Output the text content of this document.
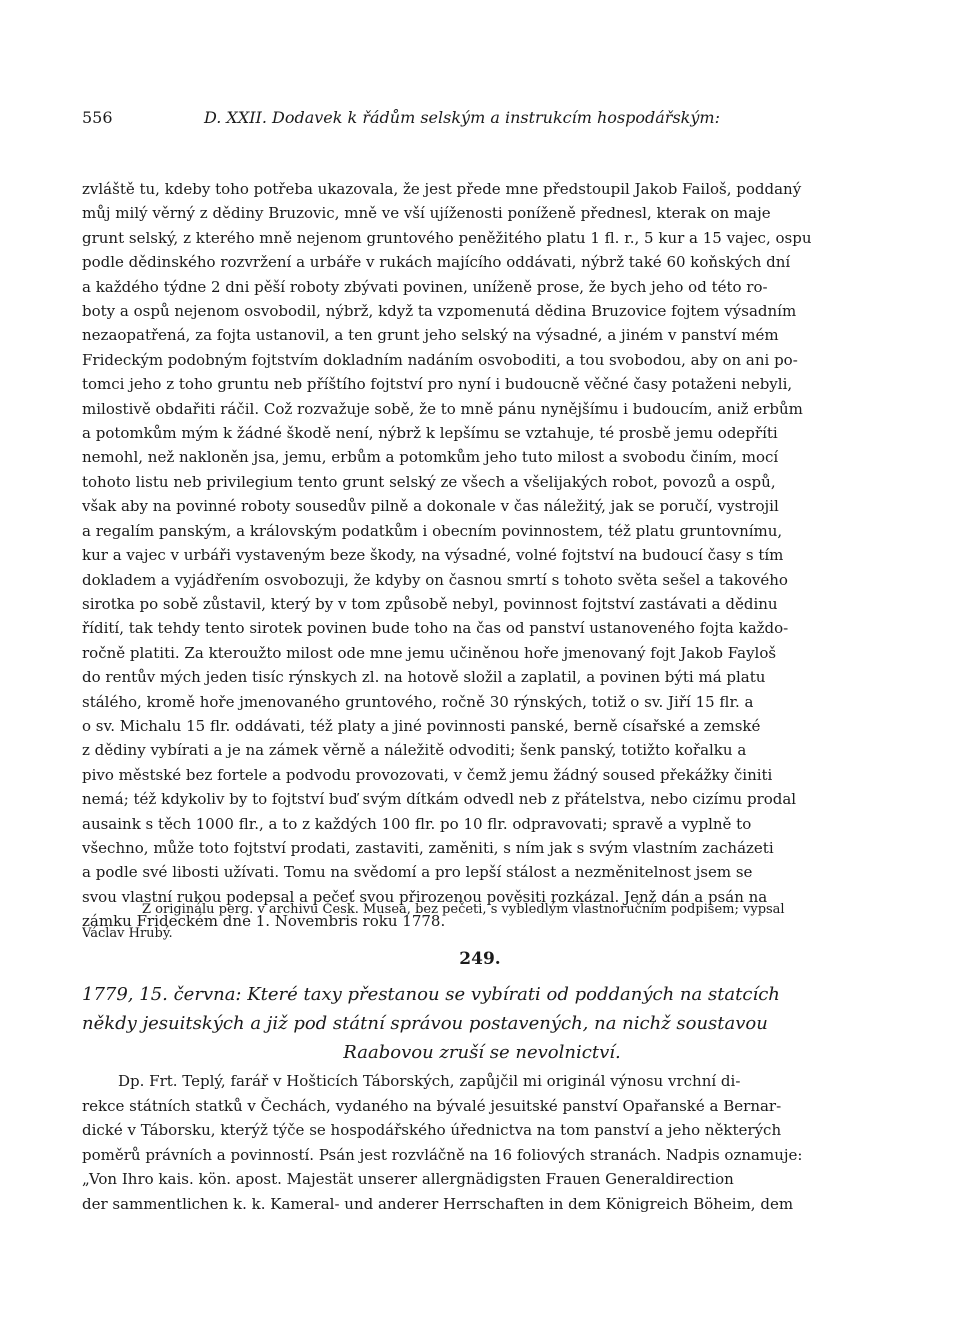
556	D. XXII. Dodavek k řádům selským a instrukcím hospodářským:
zvláště tu, kdeby toho potřeba ukazovala, že jest přede mne předstoupil Jakob Failoš, poddaný
můj milý věrný z dědiny Bruzovic, mně ve vší ujíženosti poníženě přednesl, kterak on maje
grunt selský, z kterého mně nejenom gruntového peněžitého platu 1 fl. r., 5 kur a 15 vajec, ospu
podle dědinského rozvržení a urbáře v rukách majícího oddávati, nýbrž také 60 koňských dní
a každého týdne 2 dni pěší roboty zbývati povinen, uníženě prose, že bych jeho od této ro-
boty a ospů nejenom osvobodil, nýbrž, když ta vzpomenutá dědina Bruzovice fojtem výsadním
nezaopatřená, za fojta ustanovil, a ten grunt jeho selský na výsadné, a jiném v panství mém
Frideckým podobným fojtstvím dokladním nadáním osvoboditi, a tou svobodou, aby on ani po-
tomci jeho z toho gruntu neb příštího fojtství pro nyní i budoucně věčné časy potaženi nebyli,
milostivě obdařiti ráčil. Což rozvažuje sobě, že to mně pánu nynějšímu i budoucím, aniž erbům
a potomkům mým k žádné škodě není, nýbrž k lepšímu se vztahuje, té prosbě jemu odepříti
nemohl, než nakloněn jsa, jemu, erbům a potomkům jeho tuto milost a svobodu činím, mocí
tohoto listu neb privilegium tento grunt selský ze všech a všelijakých robot, povozů a ospů,
však aby na povinné roboty sousedův pilně a dokonale v čas náležitý, jak se poručí, vystrojil
a regalím panským, a královským podatkům i obecním povinnostem, též platu gruntovnímu,
kur a vajec v urbáři vystaveným beze škody, na výsadné, volné fojtství na budoucí časy s tím
dokladem a vyjádřením osvobozuji, že kdyby on časnou smrtí s tohoto světa sešel a takového
sirotka po sobě zůstavil, který by v tom způsobě nebyl, povinnost fojtství zastávati a dědinu
řídití, tak tehdy tento sirotek povinen bude toho na čas od panství ustanoveného fojta každo-
ročně platiti. Za kteroužto milost ode mne jemu učiněnou hoře jmenovaný fojt Jakob Fayloš
do rentův mých jeden tisíc rýnskych zl. na hotově složil a zaplatil, a povinen býti má platu
stálého, kromě hoře jmenovaného gruntového, ročně 30 rýnských, totiž o sv. Jiří 15 flr. a
o sv. Michalu 15 flr. oddávati, též platy a jiné povinnosti panské, berně císařské a zemské
z dědiny vybírati a je na zámek věrně a náležitě odvoditi; šenk panský, totižto kořalku a
pivo městské bez fortele a podvodu provozovati, v čemž jemu žádný soused překážky činiti
nemá; též kdykoliv by to fojtství buď svým dítkám odvedl neb z přátelstva, nebo cizímu prodal
ausaink s těch 1000 flr., a to z každých 100 flr. po 10 flr. odpravovati; spravě a vyplně to
všechno, může toto fojtství prodati, zastaviti, zaměniti, s ním jak s svým vlastním zacházeti
a podle své libosti užívati. Tomu na svědomí a pro lepší stálost a nezměnitelnost jsem se
svou vlastní rukou podepsal a pečeť svou přirozenou pověsiti rozkázal. Jenž dán a psán na
zámku Frideckém dne 1. Novembris roku 1778.
Z originálu perg. v archivu Česk. Musea, bez pečeti, s vybledlým vlastnoručním podpisem; vypsal
Václav Hrubý.
249.
1779, 15. června: Které taxy přestanou se vybírati od poddaných na statcích
někdy jesuitských a již pod státní správou postavených, na nichž soustavou
Raabovou zruší se nevolnictví.
Dp. Frt. Teplý, farář v Hošticích Táborských, zapůjčil mi originál výnosu vrchní di-
rekce státních statků v Čechách, vydaného na bývalé jesuitské panství Opařanské a Bernar-
dické v Táborsku, kterýž týče se hospodářského úřednictva na tom panství a jeho některých
poměrů právních a povinností. Psán jest rozvláčně na 16 foliových stranách. Nadpis oznamuje:
„Von Ihro kais. kön. apost. Majestät unserer allergnädigsten Frauen Generaldirection
der sammentlichen k. k. Kameral- und anderer Herrschaften in dem Königreich Böheim, dem
